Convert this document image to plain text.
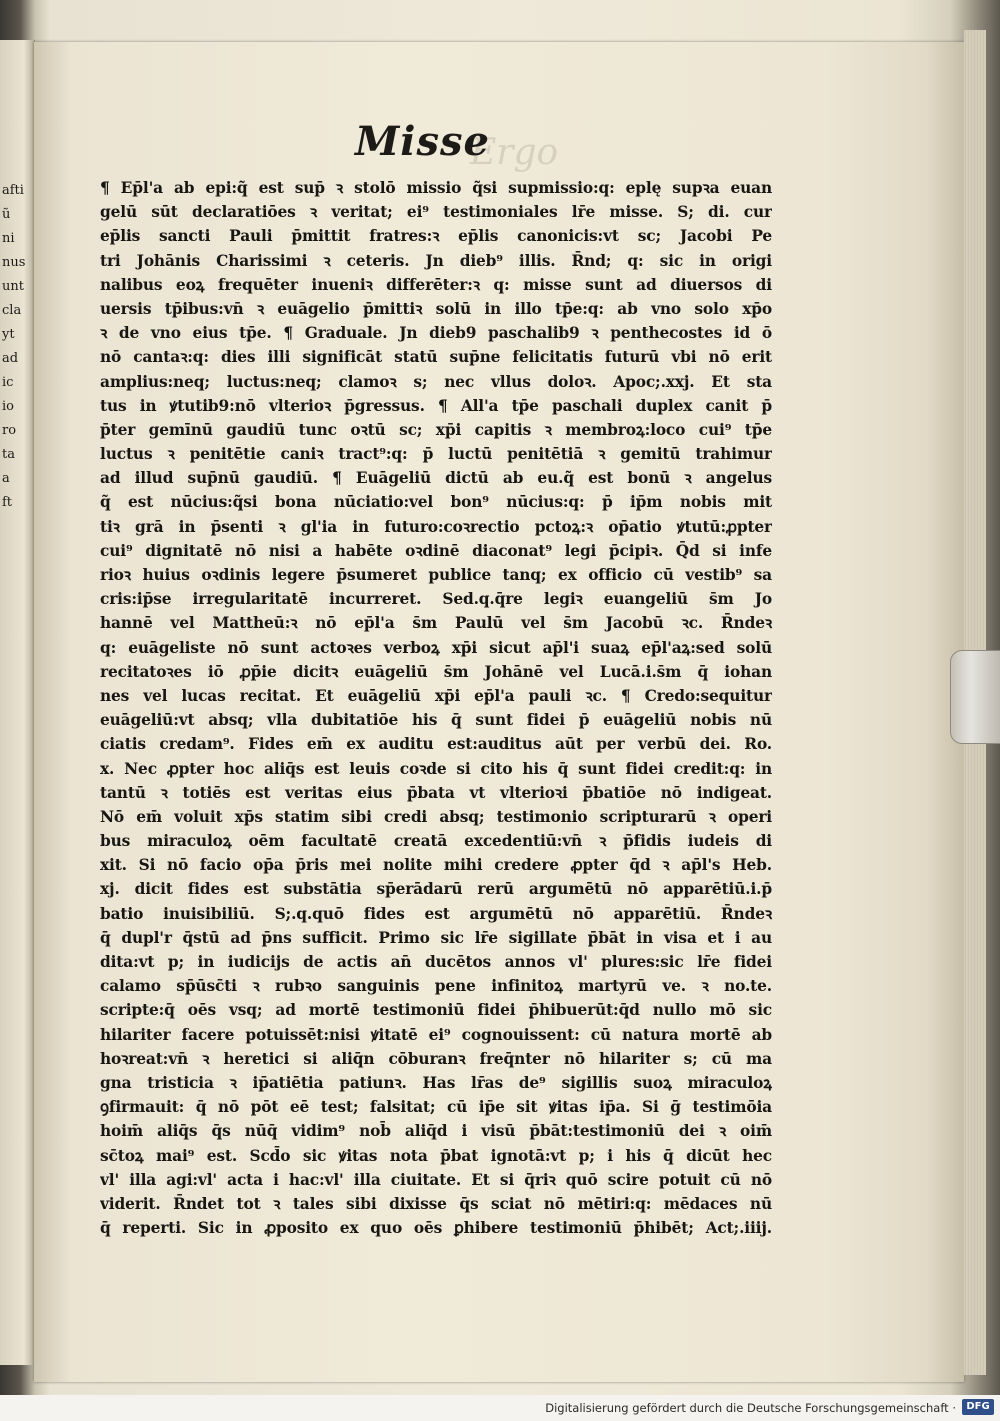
afti
ũ
ni
nus
unt
cla
yt
ad
ic
io
ro
ta
a
ft
Ergo
Misse
¶ Ep̄l'a ab epi:q̃ est sup̄ ꝛ stolō missio q̃si supmissio:q: eplę supꝛa euan
gelū sūt declaratiōes ꝛ veritat; ei⁹ testimoniales lr̄e misse. S; di. cur
ep̄lis sancti Pauli p̄mittit fratres:ꝛ ep̄lis canonicis:vt sc; Jacobi Pe
tri Johānis Charissimi ꝛ ceteris. Jn dieb⁹ illis. R̄nd; q: sic in origi
nalibus eoꝝ frequēter inueniꝛ differēter:ꝛ q: misse sunt ad diuersos di
uersis tp̄ibus:vn̄ ꝛ euāgelio p̄mittiꝛ solū in illo tp̄e:q: ab vno solo xp̄o
ꝛ de vno eius tp̄e. ¶ Graduale. Jn dieb9 paschalib9 ꝛ penthecostes id ō
nō cantaꝛ:q: dies illi significāt statū sup̄ne felicitatis futurū vbi nō erit
amplius:neq; luctus:neq; clamoꝛ s; nec vllus doloꝛ. Apoc;.xxj. Et sta
tus in ꝟtutib9:nō vlterioꝛ p̄gressus. ¶ All'a tp̄e paschali duplex canit p̄
p̄ter gemīnū gaudiū tunc oꝛtū sc; xp̄i capitis ꝛ membroꝝ:loco cui⁹ tp̄e
luctus ꝛ penitētie caniꝛ tract⁹:q: p̄ luctū penitētiā ꝛ gemitū trahimur
ad illud sup̄nū gaudiū. ¶ Euāgeliū dictū ab eu.q̃ est bonū ꝛ angelus
q̃ est nūcius:q̃si bona nūciatio:vel bon⁹ nūcius:q: p̄ ip̄m nobis mit
tiꝛ grā in p̄senti ꝛ gl'ia in futuro:coꝛrectio pctoꝝ:ꝛ op̄atio ꝟtutū:ꝓpter
cui⁹ dignitatē nō nisi a habēte oꝛdinē diaconat⁹ legi p̄cipiꝛ. Q̄d si infe
rioꝛ huius oꝛdinis legere p̄sumeret publice tanq; ex officio cū vestib⁹ sa
cris:ip̄se irregularitatē incurreret. Sed.q.q̄re legiꝛ euangeliū s̄m Jo
hannē vel Mattheū:ꝛ nō ep̄l'a s̄m Paulū vel s̄m Jacobū ꝛc. R̄ndeꝛ
q: euāgeliste nō sunt actoꝛes verboꝝ xp̄i sicut ap̄l'i suaꝝ ep̄l'aꝝ:sed solū
recitatoꝛes iō ꝓp̄ie dicitꝛ euāgeliū s̄m Johānē vel Lucā.i.s̄m q̄ iohan
nes vel lucas recitat. Et euāgeliū xp̄i ep̄l'a pauli ꝛc. ¶ Credo:sequitur
euāgeliū:vt absq; vlla dubitatiōe his q̄ sunt fidei p̄ euāgeliū nobis nū
ciatis credam⁹. Fides em̄ ex auditu est:auditus aūt per verbū dei. Ro.
x. Nec ꝓpter hoc aliq̄s est leuis coꝛde si cito his q̄ sunt fidei credit:q: in
tantū ꝛ totiēs est veritas eius p̄bata vt vlterioꝛi p̄batiōe nō indigeat.
Nō em̄ voluit xp̄s statim sibi credi absq; testimonio scripturarū ꝛ operi
bus miraculoꝝ oēm facultatē creatā excedentiū:vn̄ ꝛ p̄fidis iudeis di
xit. Si nō facio op̄a p̄ris mei nolite mihi credere ꝓpter q̄d ꝛ ap̄l's Heb.
xj. dicit fides est substātia sp̄erādarū rerū argumētū nō apparētiū.i.p̄
batio inuisibiliū. S;.q.quō fides est argumētū nō apparētiū. R̄ndeꝛ
q̄ dupl'r q̄stū ad p̄ns sufficit. Primo sic lr̄e sigillate p̄bāt in visa et i au
dita:vt p; in iudicijs de actis an̄ ducētos annos vl' plures:sic lr̄e fidei
calamo sp̄ūsc̄ti ꝛ rubꝛo sanguinis pene infinitoꝝ martyrū ve. ꝛ no.te.
scripte:q̄ oēs vsq; ad mortē testimoniū fidei p̄hibuerūt:q̄d nullo mō sic
hilariter facere potuissēt:nisi ꝟitatē ei⁹ cognouissent: cū natura mortē ab
hoꝛreat:vn̄ ꝛ heretici si aliq̄n cōburanꝛ freq̄nter nō hilariter s; cū ma
gna tristicia ꝛ ip̄atiētia patiunꝛ. Has lr̄as de⁹ sigillis suoꝝ miraculoꝝ
ꝯfirmauit: q̄ nō pōt eē test; falsitat; cū ip̄e sit ꝟitas ip̄a. Si ḡ testimōia
hoim̄ aliq̄s q̄s nūq̄ vidim⁹ nob̄ aliq̄d i visū p̄bāt:testimoniū dei ꝛ oim̄
sc̄toꝝ mai⁹ est. Scd̄o sic ꝟitas nota p̄bat ignotā:vt p; i his q̄ dicūt hec
vl' illa agi:vl' acta i hac:vl' illa ciuitate. Et si q̄riꝛ quō scire potuit cū nō
viderit. R̄ndet tot ꝛ tales sibi dixisse q̄s sciat nō mētiri:q: mēdaces nū
q̄ reperti. Sic in ꝓposito ex quo oēs ꝑhibere testimoniū p̄hibēt; Act;.iiij.
Digitalisierung gefördert durch die Deutsche Forschungsgemeinschaft ·	DFG
